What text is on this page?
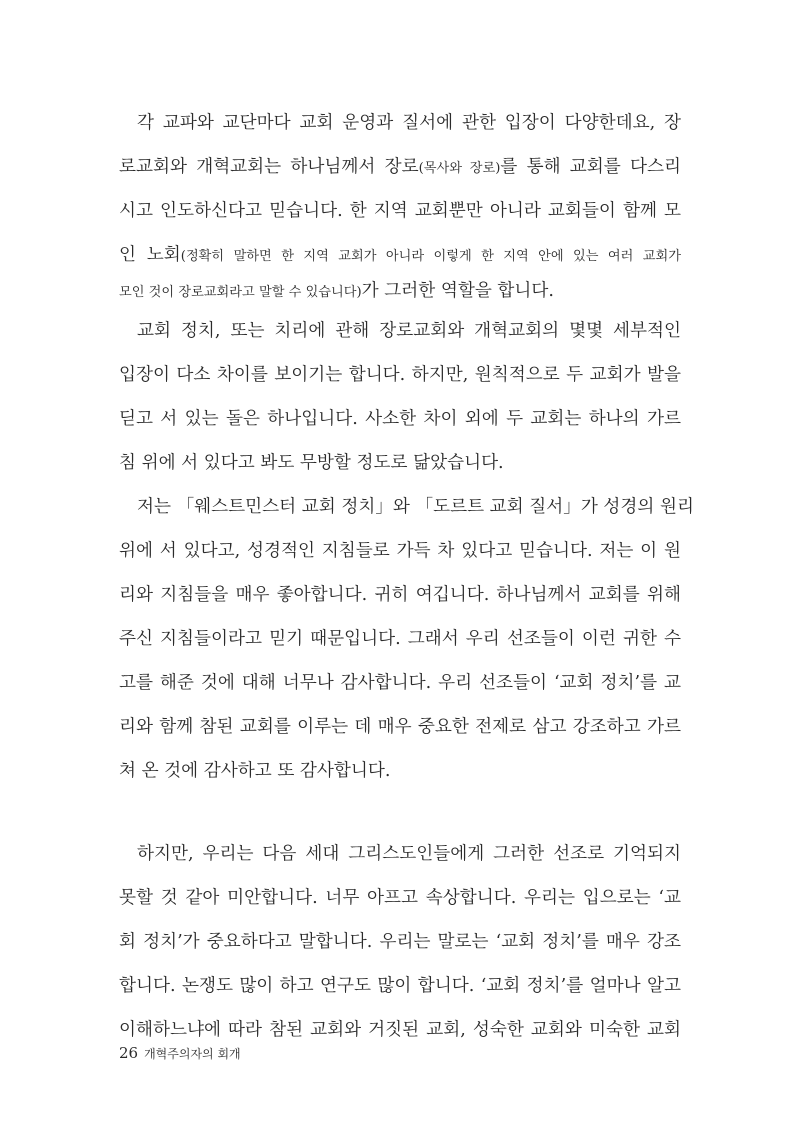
각 교파와 교단마다 교회 운영과 질서에 관한 입장이 다양한데요, 장
로교회와 개혁교회는 하나님께서 장로(목사와 장로)를 통해 교회를 다스리
시고 인도하신다고 믿습니다. 한 지역 교회뿐만 아니라 교회들이 함께 모
인 노회(정확히 말하면 한 지역 교회가 아니라 이렇게 한 지역 안에 있는 여러 교회가
모인 것이 장로교회라고 말할 수 있습니다)가 그러한 역할을 합니다.
교회 정치, 또는 치리에 관해 장로교회와 개혁교회의 몇몇 세부적인
입장이 다소 차이를 보이기는 합니다. 하지만, 원칙적으로 두 교회가 발을
딛고 서 있는 돌은 하나입니다. 사소한 차이 외에 두 교회는 하나의 가르
침 위에 서 있다고 봐도 무방할 정도로 닮았습니다.
저는 「웨스트민스터 교회 정치」와 「도르트 교회 질서」가 성경의 원리
위에 서 있다고, 성경적인 지침들로 가득 차 있다고 믿습니다. 저는 이 원
리와 지침들을 매우 좋아합니다. 귀히 여깁니다. 하나님께서 교회를 위해
주신 지침들이라고 믿기 때문입니다. 그래서 우리 선조들이 이런 귀한 수
고를 해준 것에 대해 너무나 감사합니다. 우리 선조들이 ‘교회 정치’를 교
리와 함께 참된 교회를 이루는 데 매우 중요한 전제로 삼고 강조하고 가르
쳐 온 것에 감사하고 또 감사합니다.
하지만, 우리는 다음 세대 그리스도인들에게 그러한 선조로 기억되지
못할 것 같아 미안합니다. 너무 아프고 속상합니다. 우리는 입으로는 ‘교
회 정치’가 중요하다고 말합니다. 우리는 말로는 ‘교회 정치’를 매우 강조
합니다. 논쟁도 많이 하고 연구도 많이 합니다. ‘교회 정치’를 얼마나 알고
이해하느냐에 따라 참된 교회와 거짓된 교회, 성숙한 교회와 미숙한 교회
26 개혁주의자의 회개
